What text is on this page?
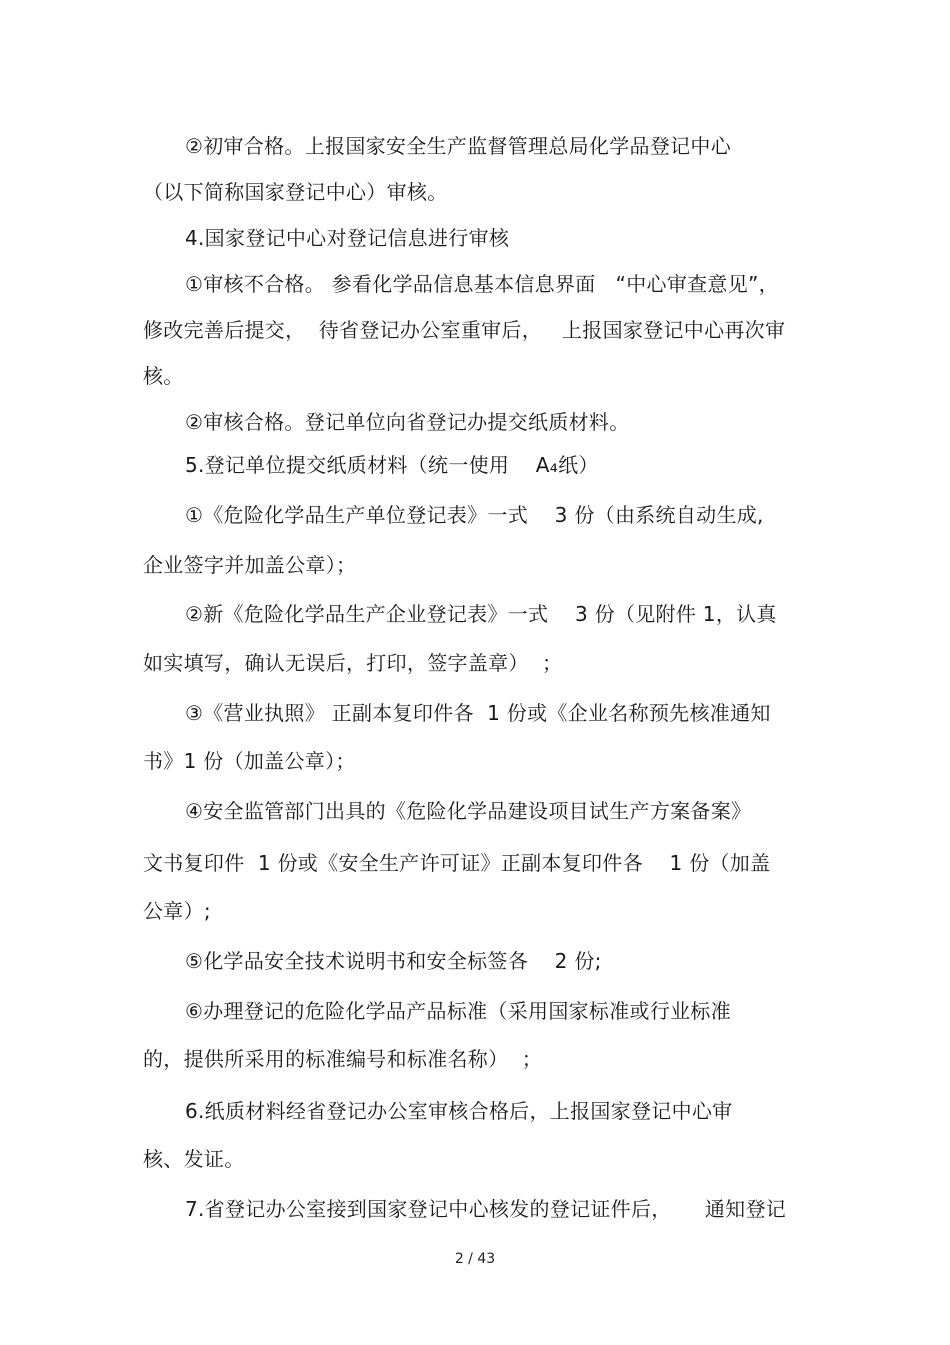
②初审合格。上报国家安全生产监督管理总局化学品登记中心
（以下简称国家登记中心）审核。
4.国家登记中心对登记信息进行审核
①审核不合格。 参看化学品信息基本信息界面   “中心审查意见”，
修改完善后提交，  待省登记办公室重审后，   上报国家登记中心再次审
核。
②审核合格。登记单位向省登记办提交纸质材料。
5.登记单位提交纸质材料（统一使用    A₄纸）
①《危险化学品生产单位登记表》一式    3 份（由系统自动生成,
企业签字并加盖公章）；
②新《危险化学品生产企业登记表》一式    3 份（见附件 1，认真
如实填写，确认无误后，打印，签字盖章）  ；
③《营业执照》 正副本复印件各  1 份或《企业名称预先核准通知
书》1 份（加盖公章）；
④安全监管部门出具的《危险化学品建设项目试生产方案备案》
文书复印件  1 份或《安全生产许可证》正副本复印件各    1 份（加盖
公章）;
⑤化学品安全技术说明书和安全标签各    2 份;
⑥办理登记的危险化学品产品标准（采用国家标准或行业标准
的，提供所采用的标准编号和标准名称）  ；
6.纸质材料经省登记办公室审核合格后，上报国家登记中心审
核、发证。
7.省登记办公室接到国家登记中心核发的登记证件后，     通知登记
2 / 43
